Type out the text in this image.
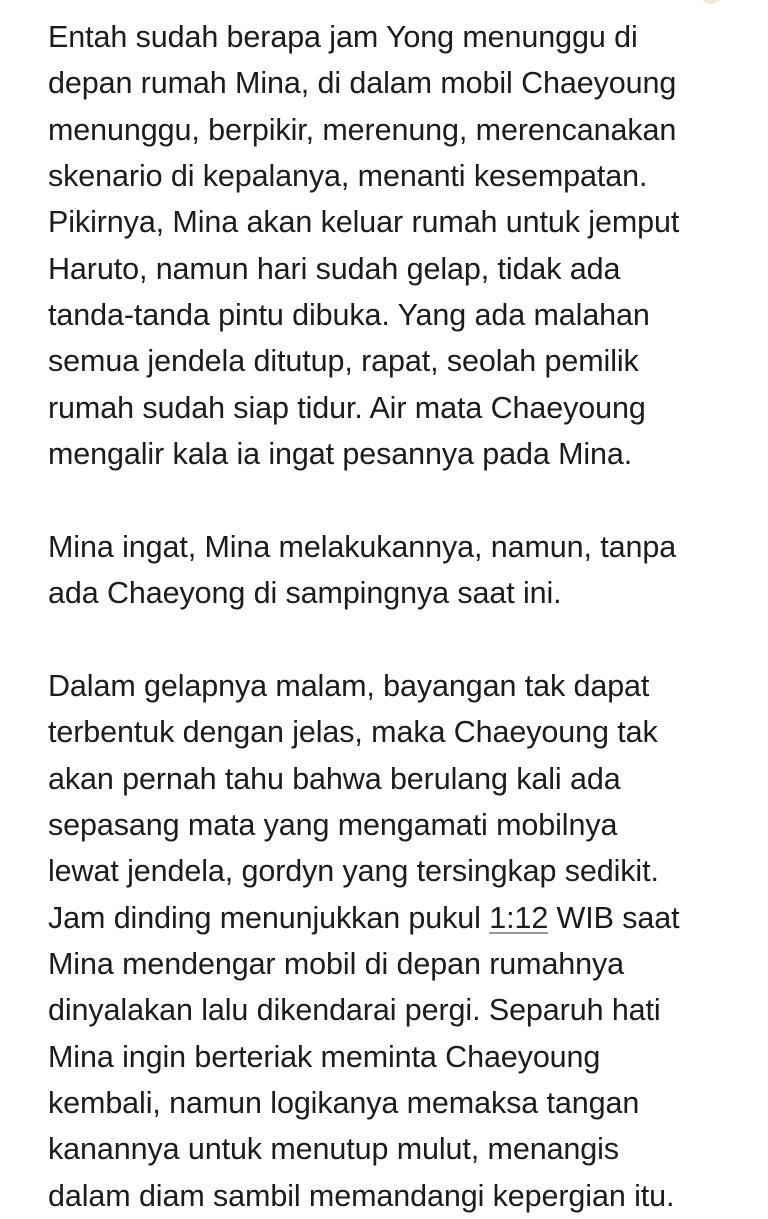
Entah sudah berapa jam Yong menunggu di
depan rumah Mina, di dalam mobil Chaeyoung
menunggu, berpikir, merenung, merencanakan
skenario di kepalanya, menanti kesempatan.
Pikirnya, Mina akan keluar rumah untuk jemput
Haruto, namun hari sudah gelap, tidak ada
tanda-tanda pintu dibuka. Yang ada malahan
semua jendela ditutup, rapat, seolah pemilik
rumah sudah siap tidur. Air mata Chaeyoung
mengalir kala ia ingat pesannya pada Mina.

Mina ingat, Mina melakukannya, namun, tanpa
ada Chaeyong di sampingnya saat ini.

Dalam gelapnya malam, bayangan tak dapat
terbentuk dengan jelas, maka Chaeyoung tak
akan pernah tahu bahwa berulang kali ada
sepasang mata yang mengamati mobilnya
lewat jendela, gordyn yang tersingkap sedikit.
Jam dinding menunjukkan pukul 1:12 WIB saat
Mina mendengar mobil di depan rumahnya
dinyalakan lalu dikendarai pergi. Separuh hati
Mina ingin berteriak meminta Chaeyoung
kembali, namun logikanya memaksa tangan
kanannya untuk menutup mulut, menangis
dalam diam sambil memandangi kepergian itu.
